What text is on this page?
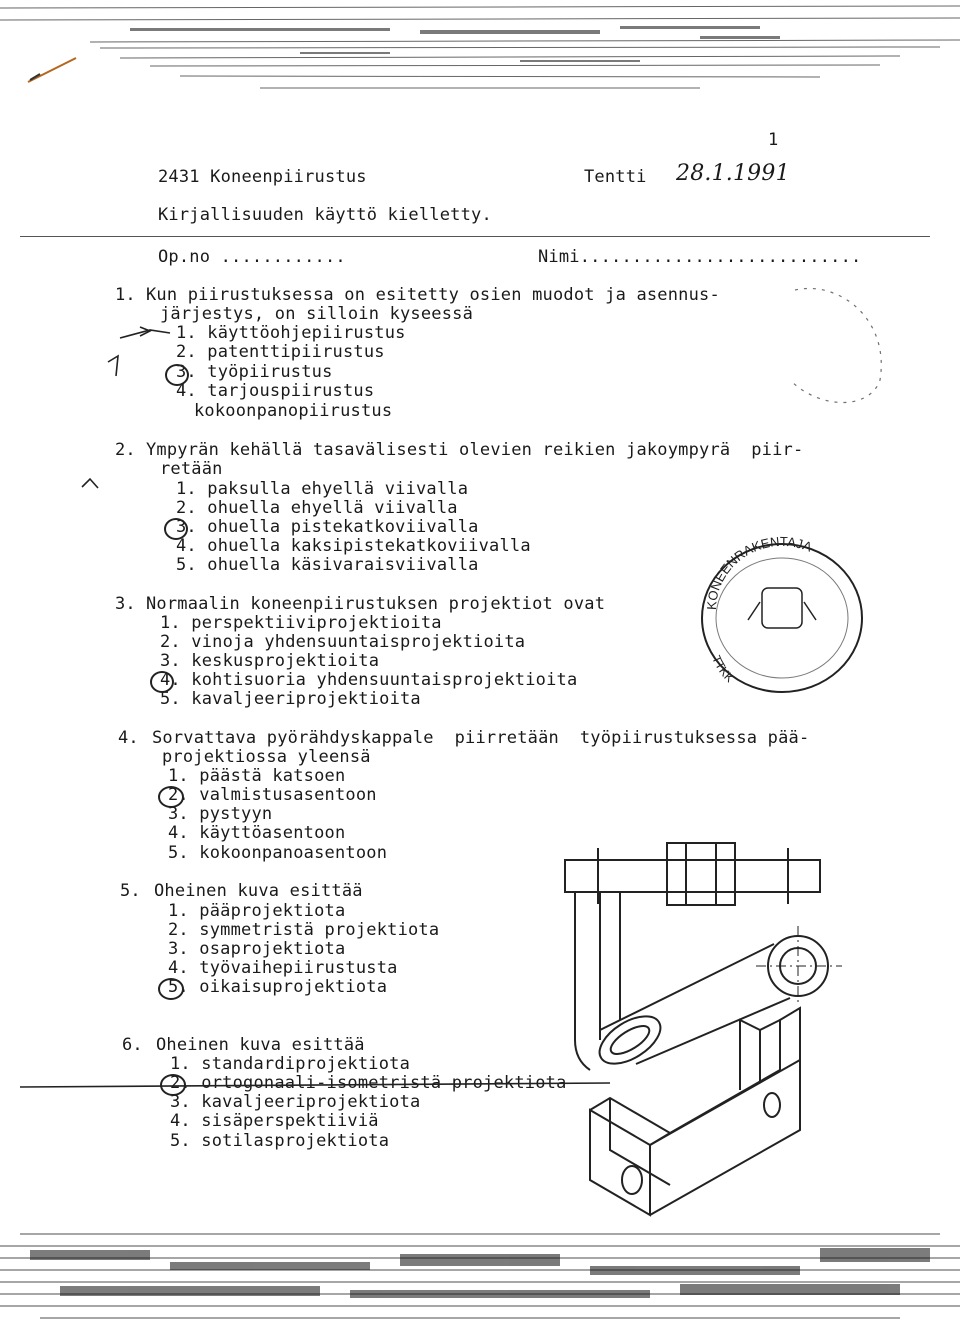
1
2431 Koneenpiirustus	Tentti 28.1.1991
Kirjallisuuden käyttö kielletty.
Op.no ............	Nimi...........................
1. Kun piirustuksessa on esitetty osien muodot ja asennus-
järjestys, on silloin kyseessä
1. käyttöohjepiirustus
2. patenttipiirustus
3. työpiirustus
4. tarjouspiirustus
kokoonpanopiirustus
2. Ympyrän kehällä tasavälisesti olevien reikien jakoympyrä  piir-
retään
1. paksulla ehyellä viivalla
2. ohuella ehyellä viivalla
3. ohuella pistekatkoviivalla
4. ohuella kaksipistekatkoviivalla
5. ohuella käsivaraisviivalla
3. Normaalin koneenpiirustuksen projektiot ovat
1. perspektiiviprojektioita
2. vinoja yhdensuuntaisprojektioita
3. keskusprojektioita
4. kohtisuoria yhdensuuntaisprojektioita
5. kavaljeeriprojektioita
4. Sorvattava pyörähdyskappale  piirretään  työpiirustuksessa pää-
projektiossa yleensä
1. päästä katsoen
2. valmistusasentoon
3. pystyyn
4. käyttöasentoon
5. kokoonpanoasentoon
5. Oheinen kuva esittää
1. pääprojektiota
2. symmetristä projektiota
3. osaprojektiota
4. työvaihepiirustusta
5. oikaisuprojektiota
6. Oheinen kuva esittää
1. standardiprojektiota
2. ortogonaali-isometristä projektiota
3. kavaljeeriprojektiota
4. sisäperspektiiviä
5. sotilasprojektiota
KONEENRAKENTAJA
TTKK
